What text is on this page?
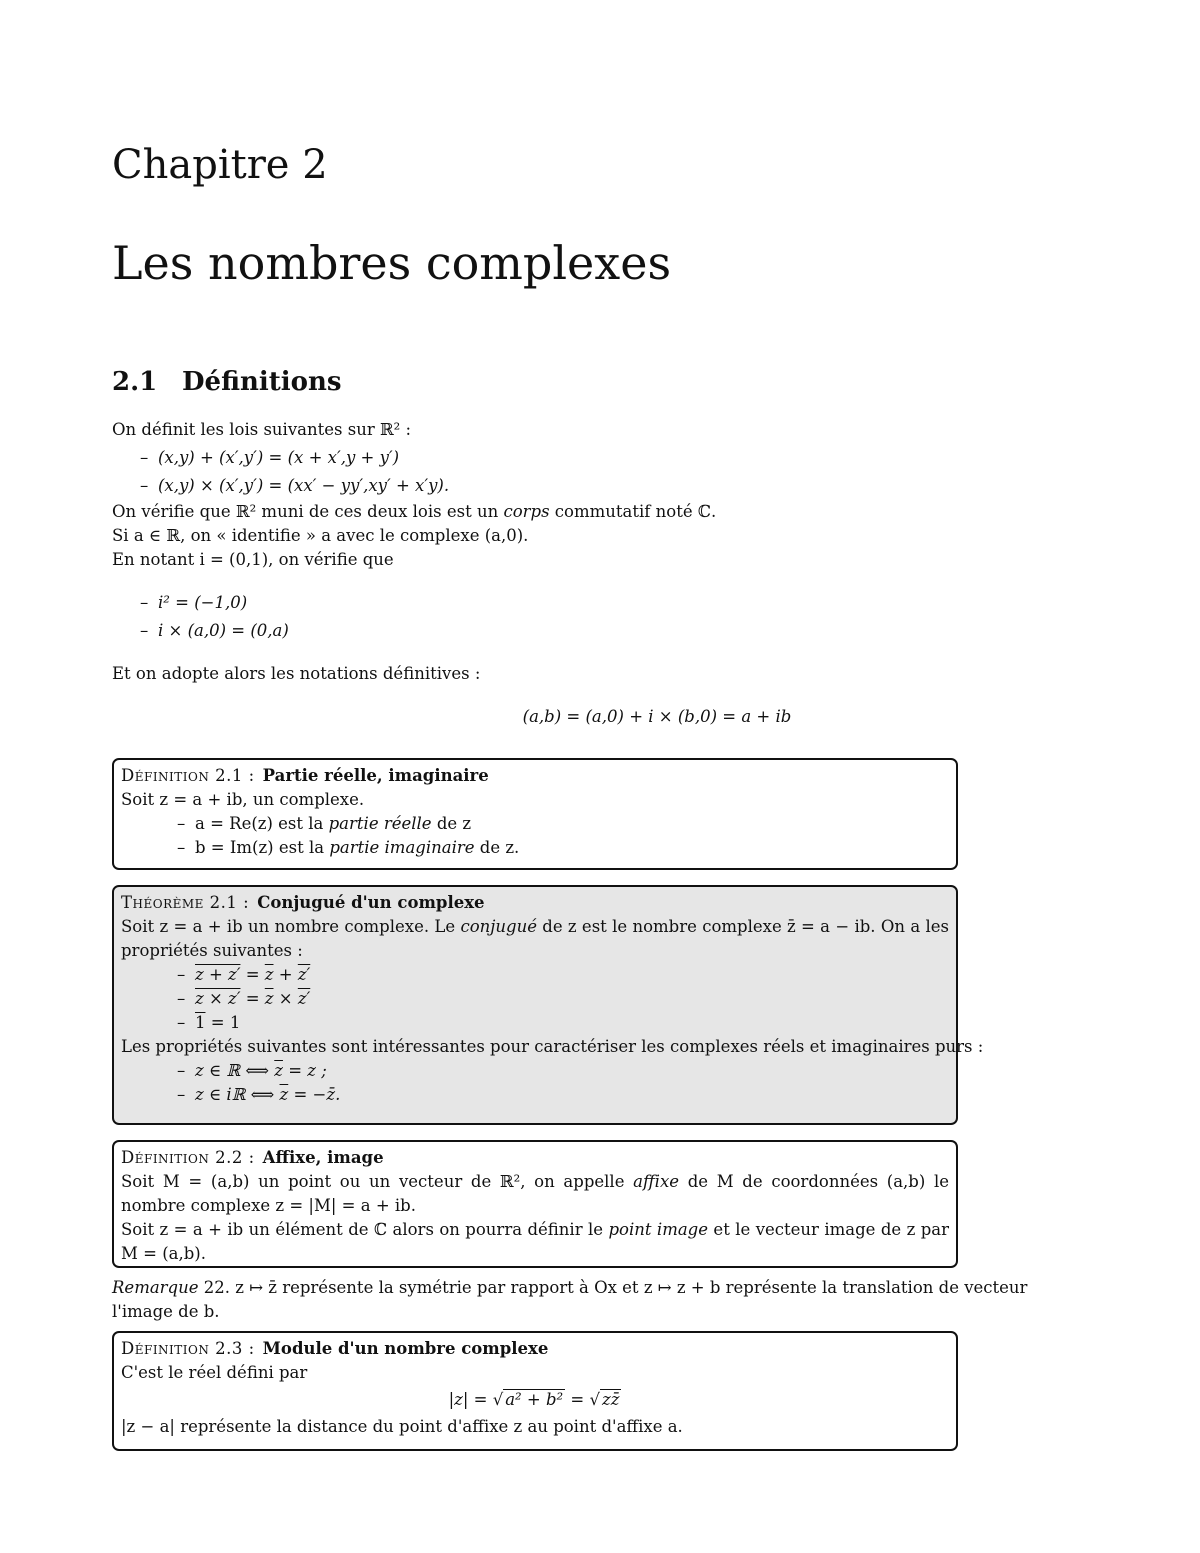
Chapitre 2
Les nombres complexes
2.1 Définitions
On définit les lois suivantes sur ℝ² :
– (x,y) + (x′,y′) = (x + x′,y + y′)
– (x,y) × (x′,y′) = (xx′ − yy′,xy′ + x′y).
On vérifie que ℝ² muni de ces deux lois est un corps commutatif noté ℂ.
Si a ∈ ℝ, on « identifie » a avec le complexe (a,0).
En notant i = (0,1), on vérifie que
– i² = (−1,0)
– i × (a,0) = (0,a)
Et on adopte alors les notations définitives :
(a,b) = (a,0) + i × (b,0) = a + ib
Définition 2.1 : Partie réelle, imaginaire
Soit z = a + ib, un complexe.
– a = Re(z) est la partie réelle de z
– b = Im(z) est la partie imaginaire de z.
Théorème 2.1 : Conjugué d'un complexe
Soit z = a + ib un nombre complexe. Le conjugué de z est le nombre complexe z̄ = a − ib. On a les propriétés suivantes :
– $z + z' = \overline{z} + z'$
– $z \times z' = \overline{z} \times z'$
– 1 = 1
Les propriétés suivantes sont intéressantes pour caractériser les complexes réels et imaginaires purs :
– z ∈ ℝ ⟺ $\overline{z} = z$ ;
– z ∈ iℝ ⟺ $\overline{z}$ = −z̄.
Définition 2.2 : Affixe, image
Soit M = (a,b) un point ou un vecteur de ℝ², on appelle affixe de M de coordonnées (a,b) le nombre complexe z = |M| = a + ib.
Soit z = a + ib un élément de ℂ alors on pourra définir le point image et le vecteur image de z par M = (a,b).
Remarque 22. z ↦ z̄ représente la symétrie par rapport à Ox et z ↦ z + b représente la translation de vecteur l'image de b.
Définition 2.3 : Module d'un nombre complexe
C'est le réel défini par
|z| = √ a² + b² = √ zz̄
|z − a| représente la distance du point d'affixe z au point d'affixe a.
